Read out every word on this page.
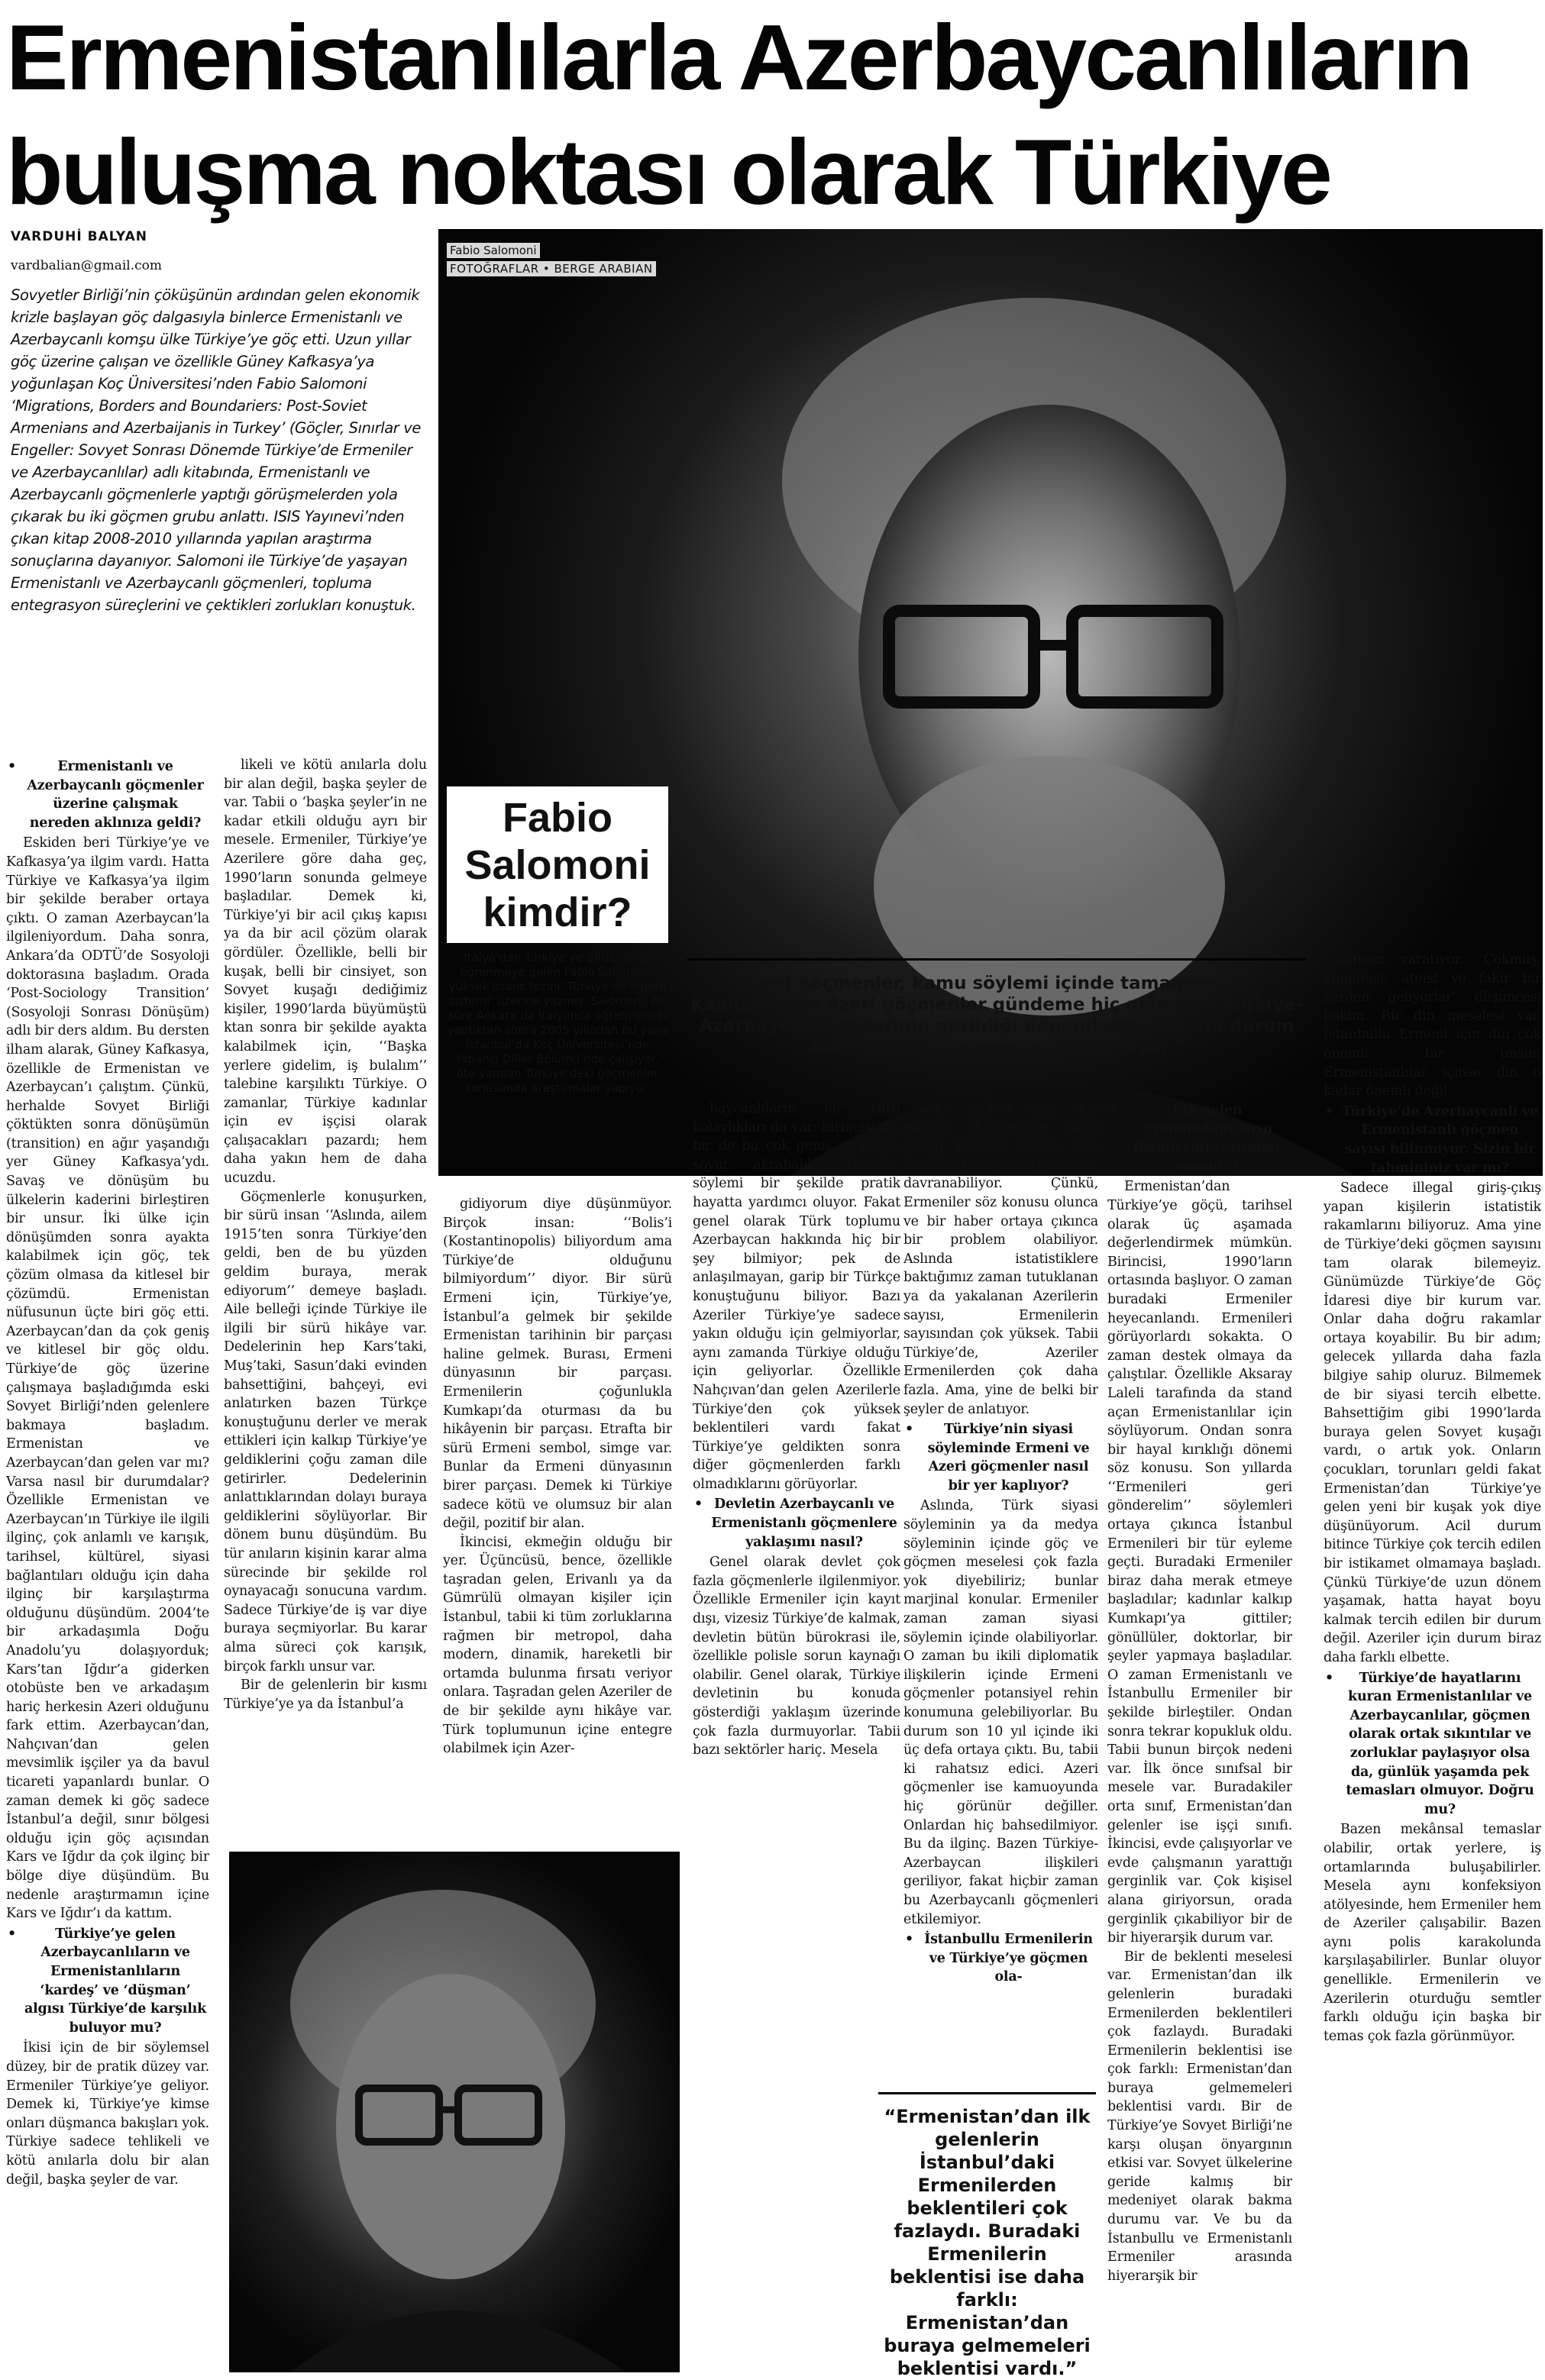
Ermenistanlılarla Azerbaycanlıların
buluşma noktası olarak Türkiye
VARDUHİ BALYAN
vardbalian@gmail.com
Sovyetler Birliği’nin çöküşünün ardından gelen ekonomik krizle başlayan göç dalgasıyla binlerce Ermenistanlı ve Azerbaycanlı komşu ülke Türkiye’ye göç etti. Uzun yıllar göç üzerine çalışan ve özellikle Güney Kafkasya’ya yoğunlaşan Koç Üniversitesi’nden Fabio Salomoni ‘Migrations, Borders and Boundariers: Post-Soviet Armenians and Azerbaijanis in Turkey’ (Göçler, Sınırlar ve Engeller: Sovyet Sonrası Dönemde Türkiye’de Ermeniler ve Azerbaycanlılar) adlı kitabında, Ermenistanlı ve Azerbaycanlı göçmenlerle yaptığı görüşmelerden yola çıkarak bu iki göçmen grubu anlattı. ISIS Yayınevi’nden çıkan kitap 2008-2010 yıllarında yapılan araştırma sonuçlarına dayanıyor. Salomoni ile Türkiye’de yaşayan Ermenistanlı ve Azerbaycanlı göçmenleri, topluma entegrasyon süreçlerini ve çektikleri zorlukları konuştuk.
Fabio Salomoni
FOTOĞRAFLAR • BERGE ARABIAN
Fabio Salomoni kimdir?
İtalya’dan Türkiye’ye 2001’de dil öğrenmeye gelen Fabio Salomoni, yüksek lisans tezini ‘Türkiye’de eğitim sistemi’ üzerine yazmış. Salomoni, bir süre Ankara’da İtalyanca öğretmenliği yaptıktan sonra 2005 yılından bu yana İstanbul’da Koç Üniversitesi’nde Yabancı Diller Bölümü’nde çalışıyor, öte yandan Türkiye’deki göçmenler konusunda araştırmalar yapıyor.
“Azeri göçmenler, kamu söylemi içinde tamamen yok. Kamuoyunda Azeri göçmenler gündeme hiç gelmiyor. Türkiye-Azerbaycan ilişkilerinin gerildiği dönemlerde bile, bu durum Azerbaycanlı göçmenleri etkilemiyor.”
“Ermenistan’dan ilk gelenlerin İstanbul’daki Ermenilerden beklentileri çok fazlaydı. Buradaki Ermenilerin beklentisi ise daha farklı: Ermenistan’dan buraya gelmemeleri beklentisi vardı.”

• Ermenistanlı ve Azerbaycanlı göçmenler üzerine çalışmak nereden aklınıza geldi?

Eskiden beri Türkiye’ye ve Kafkasya’ya ilgim vardı. Hatta Türkiye ve Kafkasya’ya ilgim bir şekilde beraber ortaya çıktı. O zaman Azerbaycan’la ilgileniyordum. Daha sonra, Ankara’da ODTÜ’de Sosyoloji doktorasına başladım. Orada ‘Post-Sociology Transition’ (Sosyoloji Sonrası Dönüşüm) adlı bir ders aldım. Bu dersten ilham alarak, Güney Kafkasya, özellikle de Ermenistan ve Azerbaycan’ı çalıştım. Çünkü, herhalde Sovyet Birliği çöktükten sonra dönüşümün (transition) en ağır yaşandığı yer Güney Kafkasya’ydı. Savaş ve dönüşüm bu ülkelerin kaderini birleştiren bir unsur. İki ülke için dönüşümden sonra ayakta kalabilmek için göç, tek çözüm olmasa da kitlesel bir çözümdü. Ermenistan nüfusunun üçte biri göç etti. Azerbaycan’dan da çok geniş ve kitlesel bir göç oldu. Türkiye’de göç üzerine çalışmaya başladığımda eski Sovyet Birliği’nden gelenlere bakmaya başladım. Ermenistan ve Azerbaycan’dan gelen var mı? Varsa nasıl bir durumdalar? Özellikle Ermenistan ve Azerbaycan’ın Türkiye ile ilgili ilginç, çok anlamlı ve karışık, tarihsel, kültürel, siyasi bağlantıları olduğu için daha ilginç bir karşılaştırma olduğunu düşündüm. 2004’te bir arkadaşımla Doğu Anadolu’yu dolaşıyorduk; Kars’tan Iğdır’a giderken otobüste ben ve arkadaşım hariç herkesin Azeri olduğunu fark ettim. Azerbaycan’dan, Nahçıvan’dan gelen mevsimlik işçiler ya da bavul ticareti yapanlardı bunlar. O zaman demek ki göç sadece İstanbul’a değil, sınır bölgesi olduğu için göç açısından Kars ve Iğdır da çok ilginç bir bölge diye düşündüm. Bu nedenle araştırmamın içine Kars ve Iğdır’ı da kattım.

• Türkiye’ye gelen Azerbaycanlıların ve Ermenistanlıların ‘kardeş’ ve ‘düşman’ algısı Türkiye’de karşılık buluyor mu?

İkisi için de bir söylemsel düzey, bir de pratik düzey var. Ermeniler Türkiye’ye geliyor. Demek ki, Türkiye’ye kimse onları düşmanca bakışları yok. Türkiye sadece tehlikeli ve kötü anılarla dolu bir alan değil, başka şeyler de var.

likeli ve kötü anılarla dolu bir alan değil, başka şeyler de var. Tabii o ‘başka şeyler’in ne kadar etkili olduğu ayrı bir mesele. Ermeniler, Türkiye’ye Azerilere göre daha geç, 1990’ların sonunda gelmeye başladılar. Demek ki, Türkiye’yi bir acil çıkış kapısı ya da bir acil çözüm olarak gördüler. Özellikle, belli bir kuşak, belli bir cinsiyet, son Sovyet kuşağı dediğimiz kişiler, 1990’larda büyümüştü ktan sonra bir şekilde ayakta kalabilmek için, ‘‘Başka yerlere gidelim, iş bulalım’’ talebine karşılıktı Türkiye. O zamanlar, Türkiye kadınlar için ev işçisi olarak çalışacakları pazardı; hem daha yakın hem de daha ucuzdu.

Göçmenlerle konuşurken, bir sürü insan ‘‘Aslında, ailem 1915’ten sonra Türkiye’den geldi, ben de bu yüzden geldim buraya, merak ediyorum’’ demeye başladı. Aile belleği içinde Türkiye ile ilgili bir sürü hikâye var. Dedelerinin hep Kars’taki, Muş’taki, Sasun’daki evinden bahsettiğini, bahçeyi, evi anlatırken bazen Türkçe konuştuğunu derler ve merak ettikleri için kalkıp Türkiye’ye geldiklerini çoğu zaman dile getirirler. Dedelerinin anlattıklarından dolayı buraya geldiklerini söylüyorlar. Bir dönem bunu düşündüm. Bu tür anıların kişinin karar alma sürecinde bir şekilde rol oynayacağı sonucuna vardım. Sadece Türkiye’de iş var diye buraya seçmiyorlar. Bu karar alma süreci çok karışık, birçok farklı unsur var.

Bir de gelenlerin bir kısmı Türkiye’ye ya da İstanbul’a

gidiyorum diye düşünmüyor. Birçok insan: ‘‘Bolis’i (Kostantinopolis) biliyordum ama Türkiye’de olduğunu bilmiyordum’’ diyor. Bir sürü Ermeni için, Türkiye’ye, İstanbul’a gelmek bir şekilde Ermenistan tarihinin bir parçası haline gelmek. Burası, Ermeni dünyasının bir parçası. Ermenilerin çoğunlukla Kumkapı’da oturması da bu hikâyenin bir parçası. Etrafta bir sürü Ermeni sembol, simge var. Bunlar da Ermeni dünyasının birer parçası. Demek ki Türkiye sadece kötü ve olumsuz bir alan değil, pozitif bir alan.

İkincisi, ekmeğin olduğu bir yer. Üçüncüsü, bence, özellikle taşradan gelen, Erivanlı ya da Gümrülü olmayan kişiler için İstanbul, tabii ki tüm zorluklarına rağmen bir metropol, daha modern, dinamik, hareketli bir ortamda bulunma fırsatı veriyor onlara. Taşradan gelen Azeriler de de bir şekilde aynı hikâye var. Türk toplumunun içine entegre olabilmek için Azer-

baycanlıların bir sürü kolaylıkları da var: birincisi dil, bir de bu çok geniş ve bazen soyut akrabalık, Türklük, söylemi bir şekilde pratik hayatta yardımcı oluyor. Fakat genel olarak Türk toplumu Azerbaycan hakkında hiç bir şey bilmiyor; pek de anlaşılmayan, garip bir Türkçe konuştuğunu biliyor. Bazı Azeriler Türkiye’ye sadece yakın olduğu için gelmiyorlar, aynı zamanda Türkiye olduğu için geliyorlar. Özellikle Nahçıvan’dan gelen Azerilerle Türkiye’den çok yüksek beklentileri vardı fakat Türkiye’ye geldikten sonra diğer göçmenlerden farklı olmadıklarını görüyorlar.

• Devletin Azerbaycanlı ve Ermenistanlı göçmenlere yaklaşımı nasıl?

Genel olarak devlet çok fazla göçmenlerle ilgilenmiyor. Özellikle Ermeniler için kayıt dışı, vizesiz Türkiye’de kalmak, devletin bütün bürokrasi ile, özellikle polisle sorun kaynağı olabilir. Genel olarak, Türkiye devletinin bu konuda gösterdiği yaklaşım üzerinde çok fazla durmuyorlar. Tabii bazı sektörler hariç. Mesela

seks işçileri sınır dışı ediliyor. Ermenilere karşı bazen Ermeni olduğu için özellikle polis, daha yumuşak davranabiliyor. Çünkü, Ermeniler söz konusu olunca ve bir haber ortaya çıkınca bir problem olabiliyor. Aslında istatistiklere baktığımız zaman tutuklanan ya da yakalanan Azerilerin sayısı, Ermenilerin sayısından çok yüksek. Tabii Türkiye’de, Azeriler Ermenilerden çok daha fazla. Ama, yine de belki bir şeyler de anlatıyor.

• Türkiye’nin siyasi söyleminde Ermeni ve Azeri göçmenler nasıl bir yer kaplıyor?

Aslında, Türk siyasi söyleminin ya da medya söyleminin içinde göç ve göçmen meselesi çok fazla yok diyebiliriz; bunlar marjinal konular. Ermeniler zaman zaman siyasi söylemin içinde olabiliyorlar. O zaman bu ikili diplomatik ilişkilerin içinde Ermeni göçmenler potansiyel rehin konumuna gelebiliyorlar. Bu durum son 10 yıl içinde iki üç defa ortaya çıktı. Bu, tabii ki rahatsız edici. Azeri göçmenler ise kamuoyunda hiç görünür değiller. Onlardan hiç bahsedilmiyor. Bu da ilginç. Bazen Türkiye-Azerbaycan ilişkileri geriliyor, fakat hiçbir zaman bu Azerbaycanlı göçmenleri etkilemiyor.

• İstanbullu Ermenilerin ve Türkiye’ye göçmen ola-

• rak gelen Ermenistanlıların ilişkilerini yorumlar mısınız?

Ermenistan’dan Türkiye’ye göçü, tarihsel olarak üç aşamada değerlendirmek mümkün. Birincisi, 1990’ların ortasında başlıyor. O zaman buradaki Ermeniler heyecanlandı. Ermenileri görüyorlardı sokakta. O zaman destek olmaya da çalıştılar. Özellikle Aksaray Laleli tarafında da stand açan Ermenistanlılar için söylüyorum. Ondan sonra bir hayal kırıklığı dönemi söz konusu. Son yıllarda ‘‘Ermenileri geri gönderelim’’ söylemleri ortaya çıkınca İstanbul Ermenileri bir tür eyleme geçti. Buradaki Ermeniler biraz daha merak etmeye başladılar; kadınlar kalkıp Kumkapı’ya gittiler; gönüllüler, doktorlar, bir şeyler yapmaya başladılar. O zaman Ermenistanlı ve İstanbullu Ermeniler bir şekilde birleştiler. Ondan sonra tekrar kopukluk oldu. Tabii bunun birçok nedeni var. İlk önce sınıfsal bir mesele var. Buradakiler orta sınıf, Ermenistan’dan gelenler ise işçi sınıfı. İkincisi, evde çalışıyorlar ve evde çalışmanın yarattığı gerginlik var. Çok kişisel alana giriyorsun, orada gerginlik çıkabiliyor bir de bir hiyerarşik durum var.

Bir de beklenti meselesi var. Ermenistan’dan ilk gelenlerin buradaki Ermenilerden beklentileri çok fazlaydı. Buradaki Ermenilerin beklentisi ise çok farklı: Ermenistan’dan buraya gelmemeleri beklentisi vardı. Bir de Türkiye’ye Sovyet Birliği’ne karşı oluşan önyargının etkisi var. Sovyet ülkelerine geride kalmış bir medeniyet olarak bakma durumu var. Ve bu da İstanbullu ve Ermenistanlı Ermeniler arasında hiyerarşik bir

durum yaratıyor. ‘Çökmüş, komünist, ateist ve fakir bir yerden geliyorlar’ düşüncesi hakim. Bir din meselesi var. İstanbullu Ermeni için din çok önemli bir unsur. Ermenistanlılar içinse din o kadar önemli değil.

• Türkiye’de Azerbaycanlı ve Ermenistanlı göçmen sayısı bilinmiyor. Sizin bir tahmininiz var mı?

Sadece illegal giriş-çıkış yapan kişilerin istatistik rakamlarını biliyoruz. Ama yine de Türkiye’deki göçmen sayısını tam olarak bilemeyiz. Günümüzde Türkiye’de Göç İdaresi diye bir kurum var. Onlar daha doğru rakamlar ortaya koyabilir. Bu bir adım; gelecek yıllarda daha fazla bilgiye sahip oluruz. Bilmemek de bir siyasi tercih elbette. Bahsettiğim gibi 1990’larda buraya gelen Sovyet kuşağı vardı, o artık yok. Onların çocukları, torunları geldi fakat Ermenistan’dan Türkiye’ye gelen yeni bir kuşak yok diye düşünüyorum. Acil durum bitince Türkiye çok tercih edilen bir istikamet olmamaya başladı. Çünkü Türkiye’de uzun dönem yaşamak, hatta hayat boyu kalmak tercih edilen bir durum değil. Azeriler için durum biraz daha farklı elbette.

• Türkiye’de hayatlarını kuran Ermenistanlılar ve Azerbaycanlılar, göçmen olarak ortak sıkıntılar ve zorluklar paylaşıyor olsa da, günlük yaşamda pek temasları olmuyor. Doğru mu?

Bazen mekânsal temaslar olabilir, ortak yerlere, iş ortamlarında buluşabilirler. Mesela aynı konfeksiyon atölyesinde, hem Ermeniler hem de Azeriler çalışabilir. Bazen aynı polis karakolunda karşılaşabilirler. Bunlar oluyor genellikle. Ermenilerin ve Azerilerin oturduğu semtler farklı olduğu için başka bir temas çok fazla görünmüyor.
